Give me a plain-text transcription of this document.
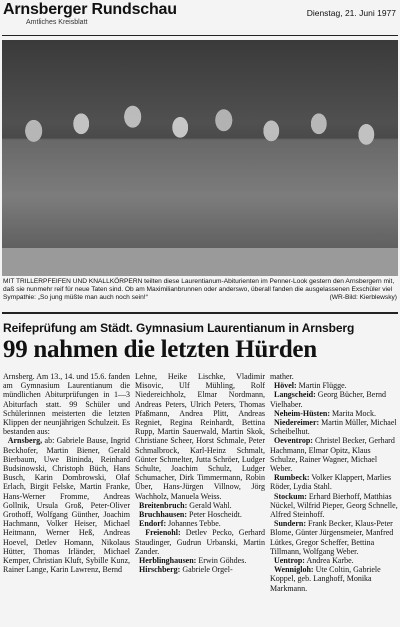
Arnsberger Rundschau
Amtliches Kreisblatt
Dienstag, 21. Juni 1977

MIT TRILLERPFEIFEN UND KNALLKÖRPERN teilten diese Laurentianum-Abiturienten im Penner-Look gestern den Arnsbergern mit, daß sie nunmehr reif für neue Taten sind. Ob am Maximilianbrunnen oder anderswo, überall fanden die ausgelassenen Exschüler viel Sympathie: „So jung müßte man auch noch sein!“	(WR-Bild: Kierblewsky)
Reifeprüfung am Städt. Gymnasium Laurentianum in Arnsberg
99 nahmen die letzten Hürden

Arnsberg. Am 13., 14. und 15.6. fanden am Gymnasium Laurentianum die mündlichen Abiturprüfungen in 1—3 Abiturfach statt. 99 Schüler und Schülerinnen meisterten die letzten Klippen der neunjährigen Schulzeit. Es bestanden aus:

Arnsberg, ab: Gabriele Bause, Ingrid Beckhofer, Martin Biener, Gerald Bierbaum, Uwe Bininda, Reinhard Budsinowski, Christoph Büch, Hans Busch, Karin Dombrowski, Olaf Erlach, Birgit Felske, Martin Franke, Hans-Werner Fromme, Andreas Gollnik, Ursula Groß, Peter-Oliver Grothoff, Wolfgang Günther, Joachim Hachmann, Volker Heiser, Michael Heitmann, Werner Heß, Andreas Hoevel, Detlev Homann, Nikolaus Hütter, Thomas Irländer, Michael Kemper, Christian Kluft, Sybille Kunz, Rainer Lange, Karin Lawrenz, Bernd

Lehne, Heike Lischke, Vladimir Misovic, Ulf Mühling, Rolf Niedereichholz, Elmar Nordmann, Andreas Peters, Ulrich Peters, Thomas Pfaßmann, Andrea Plitt, Andreas Regniet, Regina Reinhardt, Bettina Rupp, Martin Sauerwald, Martin Skok, Christiane Scheer, Horst Schmale, Peter Schmalbrock, Karl-Heinz Schmalt, Günter Schmelter, Jutta Schröer, Ludger Schulte, Joachim Schulz, Ludger Schumacher, Dirk Timmermann, Robin Über, Hans-Jürgen Villnow, Jörg Wachholz, Manuela Weiss.

Breitenbruch: Gerald Wahl.

Bruchhausen: Peter Hoscheidt.

Endorf: Johannes Tebbe.

Freienohl: Detlev Pecko, Gerhard Staudinger, Gudrun Urbanski, Martin Zander.

Herblinghausen: Erwin Göhdes.

Hirschberg: Gabriele Orgel-

mather.

Hövel: Martin Flügge.

Langscheid: Georg Bücher, Bernd Vielhaber.

Neheim-Hüsten: Marita Mock.

Niedereimer: Martin Müller, Michael Scheibelhut.

Oeventrop: Christel Becker, Gerhard Hachmann, Elmar Opitz, Klaus Schulze, Rainer Wagner, Michael Weber.

Rumbeck: Volker Klappert, Marlies Röder, Lydia Stahl.

Stockum: Erhard Bierhoff, Matthias Nückel, Wilfrid Pieper, Georg Schnelle, Alfred Steinhoff.

Sundern: Frank Becker, Klaus-Peter Blome, Günter Jürgensmeier, Manfred Lütkes, Gregor Scheffer, Bettina Tillmann, Wolfgang Weber.

Uentrop: Andrea Karbe.

Wennigloh: Ute Coltin, Gabriele Koppel, geb. Langhoff, Monika Markmann.
